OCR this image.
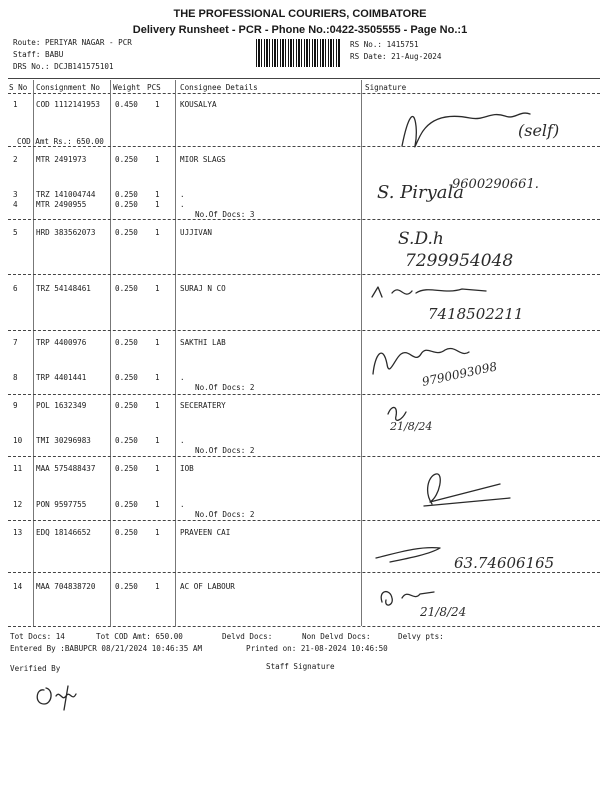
THE PROFESSIONAL COURIERS, COIMBATORE
Delivery Runsheet - PCR - Phone No.:0422-3505555 - Page No.:1
Route: PERIYAR NAGAR - PCR
Staff: BABU
DRS No.: DCJB141575101
RS No.: 1415751
RS Date: 21-Aug-2024
S No Consignment No Weight PCS	Consignee Details	Signature
1 COD 1112141953 0.450 1	KOUSALYA
COD Amt Rs.: 650.00
2 MTR 2491973	0.250 1	MIOR SLAGS
3 TRZ 141004744	0.250 1	.
4 MTR 2490955	0.250 1	.
No.Of Docs: 3
5 HRD 383562073	0.250 1	UJJIVAN
6 TRZ 54148461	0.250 1	SURAJ N CO
7 TRP 4400976	0.250 1	SAKTHI LAB
8 TRP 4401441	0.250 1	.
No.Of Docs: 2
9 POL 1632349	0.250 1	SECERATERY
10 TMI 30296983	0.250 1	.
No.Of Docs: 2
11 MAA 575488437	0.250 1	IOB
12 PON 9597755	0.250 1	.
No.Of Docs: 2
13 EDQ 18146652	0.250 1	PRAVEEN CAI
14 MAA 704838720	0.250 1	AC OF LABOUR
(self)
S. Piryala
9600290661.
S.D.h
7299954048
7418502211
9790093098
21/8/24
63.74606165
21/8/24
Tot Docs: 14	Tot COD Amt: 650.00	Delvd Docs:	Non Delvd Docs:	Delvy pts:
Entered By :BABUPCR 08/21/2024 10:46:35 AM	Printed on: 21-08-2024 10:46:50
Verified By	Staff Signature
